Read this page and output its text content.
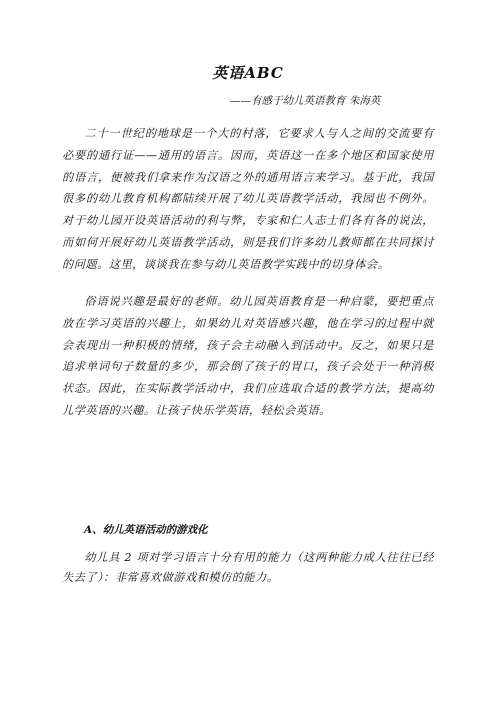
英语ABC
——有感于幼儿英语教育 朱海英
二十一世纪的地球是一个大的村落，它要求人与人之间的交流要有必要的通行证——通用的语言。因而，英语这一在多个地区和国家使用的语言，便被我们拿来作为汉语之外的通用语言来学习。基于此，我国很多的幼儿教育机构都陆续开展了幼儿英语教学活动，我园也不例外。对于幼儿园开设英语活动的利与弊，专家和仁人志士们各有各的说法，而如何开展好幼儿英语教学活动，则是我们许多幼儿教师都在共同探讨的问题。这里，谈谈我在参与幼儿英语教学实践中的切身体会。
俗语说兴趣是最好的老师。幼儿园英语教育是一种启蒙，要把重点放在学习英语的兴趣上，如果幼儿对英语感兴趣，他在学习的过程中就会表现出一种积极的情绪，孩子会主动融入到活动中。反之，如果只是追求单词句子数量的多少，那会倒了孩子的胃口，孩子会处于一种消极状态。因此，在实际教学活动中，我们应选取合适的教学方法，提高幼儿学英语的兴趣。让孩子快乐学英语，轻松会英语。
A、幼儿英语活动的游戏化
幼儿具 2 项对学习语言十分有用的能力（这两种能力成人往往已经失去了）：非常喜欢做游戏和模仿的能力。
